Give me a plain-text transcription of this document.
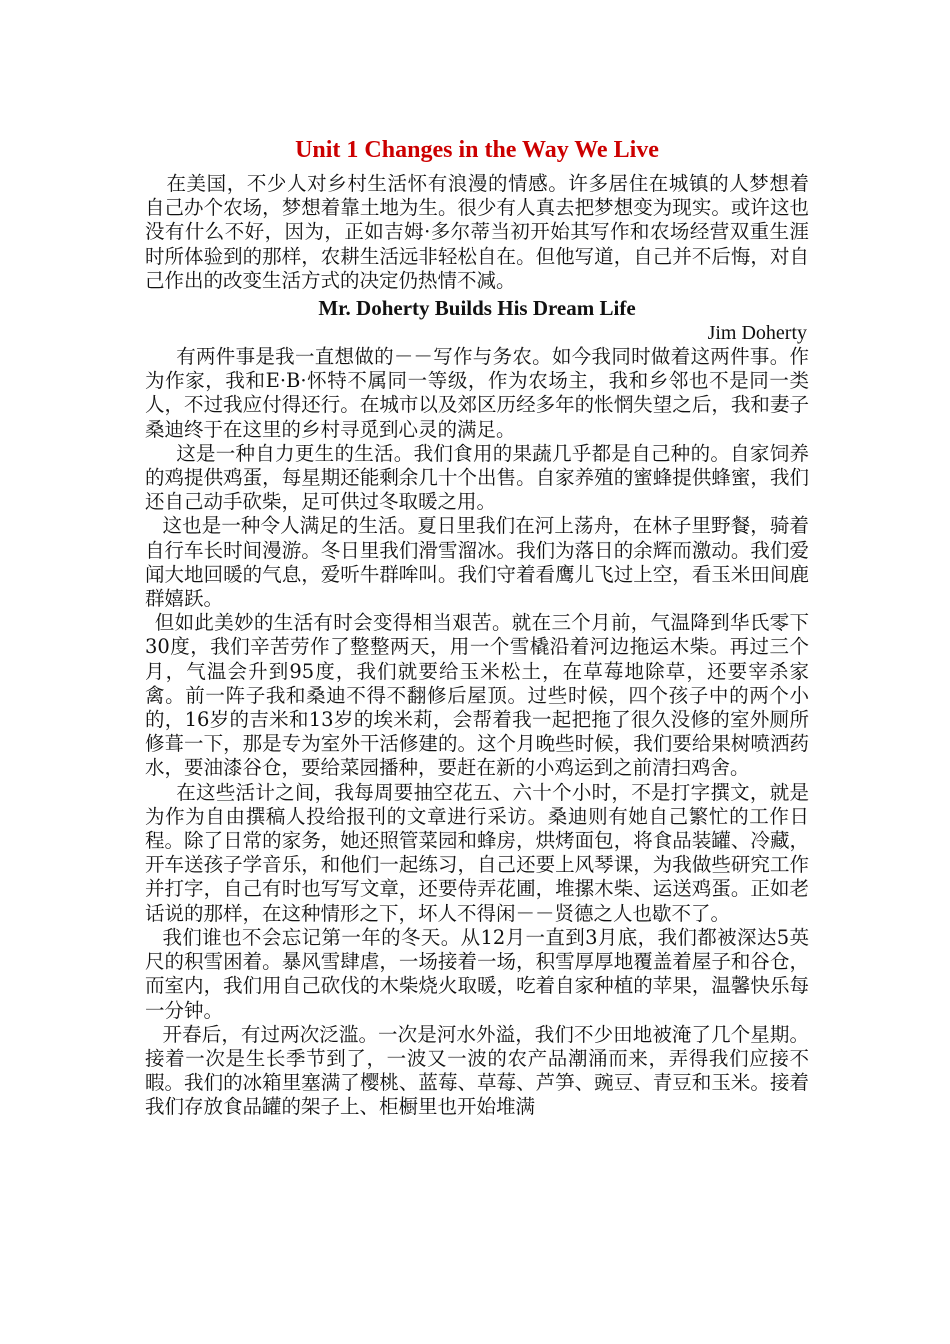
Unit 1 Changes in the Way We Live

在美国，不少人对乡村生活怀有浪漫的情感。许多居住在城镇的人梦想着自己办个农场，梦想着靠土地为生。很少有人真去把梦想变为现实。或许这也没有什么不好，因为，正如吉姆·多尔蒂当初开始其写作和农场经营双重生涯时所体验到的那样，农耕生活远非轻松自在。但他写道，自己并不后悔，对自己作出的改变生活方式的决定仍热情不减。

Mr. Doherty Builds His Dream Life

Jim Doherty

有两件事是我一直想做的－－写作与务农。如今我同时做着这两件事。作为作家，我和E·B·怀特不属同一等级，作为农场主，我和乡邻也不是同一类人，不过我应付得还行。在城市以及郊区历经多年的怅惘失望之后，我和妻子桑迪终于在这里的乡村寻觅到心灵的满足。

这是一种自力更生的生活。我们食用的果蔬几乎都是自己种的。自家饲养的鸡提供鸡蛋，每星期还能剩余几十个出售。自家养殖的蜜蜂提供蜂蜜，我们还自己动手砍柴，足可供过冬取暖之用。

这也是一种令人满足的生活。夏日里我们在河上荡舟，在林子里野餐，骑着自行车长时间漫游。冬日里我们滑雪溜冰。我们为落日的余辉而激动。我们爱闻大地回暖的气息，爱听牛群哞叫。我们守着看鹰儿飞过上空，看玉米田间鹿群嬉跃。

但如此美妙的生活有时会变得相当艰苦。就在三个月前，气温降到华氏零下30度，我们辛苦劳作了整整两天，用一个雪橇沿着河边拖运木柴。再过三个月，气温会升到95度，我们就要给玉米松土，在草莓地除草，还要宰杀家禽。前一阵子我和桑迪不得不翻修后屋顶。过些时候，四个孩子中的两个小的，16岁的吉米和13岁的埃米莉，会帮着我一起把拖了很久没修的室外厕所修葺一下，那是专为室外干活修建的。这个月晚些时候，我们要给果树喷洒药水，要油漆谷仓，要给菜园播种，要赶在新的小鸡运到之前清扫鸡舍。

在这些活计之间，我每周要抽空花五、六十个小时，不是打字撰文，就是为作为自由撰稿人投给报刊的文章进行采访。桑迪则有她自己繁忙的工作日程。除了日常的家务，她还照管菜园和蜂房，烘烤面包，将食品装罐、冷藏，开车送孩子学音乐，和他们一起练习，自己还要上风琴课，为我做些研究工作并打字，自己有时也写写文章，还要侍弄花圃，堆摞木柴、运送鸡蛋。正如老话说的那样，在这种情形之下，坏人不得闲－－贤德之人也歇不了。

我们谁也不会忘记第一年的冬天。从12月一直到3月底，我们都被深达5英尺的积雪困着。暴风雪肆虐，一场接着一场，积雪厚厚地覆盖着屋子和谷仓，而室内，我们用自己砍伐的木柴烧火取暖，吃着自家种植的苹果，温馨快乐每一分钟。

开春后，有过两次泛滥。一次是河水外溢，我们不少田地被淹了几个星期。接着一次是生长季节到了，一波又一波的农产品潮涌而来，弄得我们应接不暇。我们的冰箱里塞满了樱桃、蓝莓、草莓、芦笋、豌豆、青豆和玉米。接着我们存放食品罐的架子上、柜橱里也开始堆满
